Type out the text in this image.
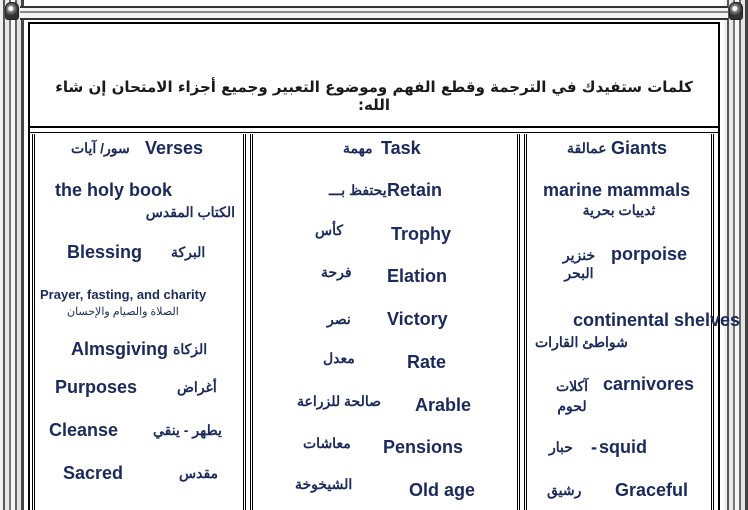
كلمات ستفيدك في الترجمة وقطع الفهم وموضوع التعبير وجميع أجزاء الامتحان إن شاء الله:
Verses
سور/ آيات
the holy book
الكتاب المقدس
Blessing البركة
Prayer, fasting, and charity
الصلاة والصيام والإحسان
Almsgiving الزكاة
Purposes	أغراض
Cleanse يطهر - ينقي
Sacred	مقدس
Task
مهمة
Retain
يحتفظ بـــ
Trophy
كأس
Elation
فرحة
Victory
نصر
Rate
معدل
Arable
صالحة للزراعة
Pensions
معاشات
Old age
الشيخوخة
Giants
عمالقة
marine mammals
ثدييات بحرية
porpoise
خنزير البحر
continental shelves
شواطئ القارات
carnivores
آكلات لحوم
squid
-
حبار
Graceful
رشيق
